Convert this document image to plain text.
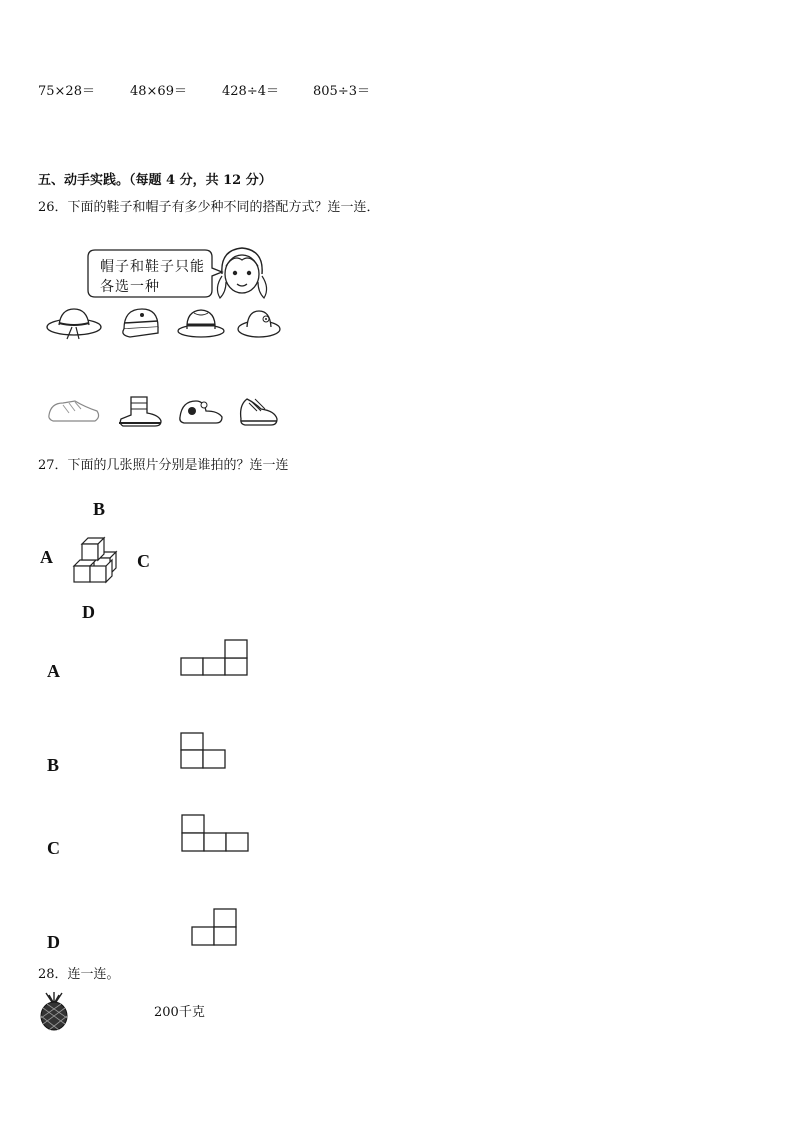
75×28＝	48×69＝	428÷4＝	805÷3＝
五、动手实践。（每题 4 分，共 12 分）
26．下面的鞋子和帽子有多少种不同的搭配方式？连一连．
帽子和鞋子只能
各选一种
27．下面的几张照片分别是谁拍的？连一连
B
A	C
D
A
B
C
D
28．连一连。
200千克
